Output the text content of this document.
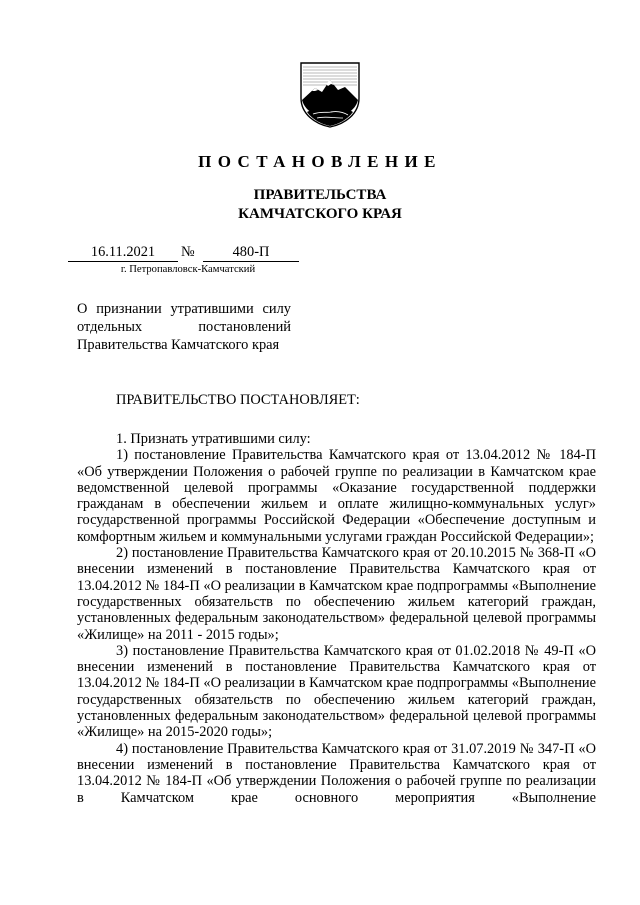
ПОСТАНОВЛЕНИЕ
ПРАВИТЕЛЬСТВА
КАМЧАТСКОГО КРАЯ
16.11.2021	№	480-П
г. Петропавловск-Камчатский
О признании утратившими силу
отдельных постановлений
Правительства Камчатского края

ПРАВИТЕЛЬСТВО ПОСТАНОВЛЯЕТ:

1. Признать утратившими силу:

1) постановление Правительства Камчатского края от 13.04.2012 № 184-П «Об утверждении Положения о рабочей группе по реализации в Камчатском крае ведомственной целевой программы «Оказание государственной поддержки гражданам в обеспечении жильем и оплате жилищно-коммунальных услуг» государственной программы Российской Федерации «Обеспечение доступным и комфортным жильем и коммунальными услугами граждан Российской Федерации»;

2) постановление Правительства Камчатского края от 20.10.2015 № 368-П «О внесении изменений в постановление Правительства Камчатского края от 13.04.2012 № 184-П «О реализации в Камчатском крае подпрограммы «Выполнение государственных обязательств по обеспечению жильем категорий граждан, установленных федеральным законодательством» федеральной целевой программы «Жилище» на 2011 - 2015 годы»;

3) постановление Правительства Камчатского края от 01.02.2018 № 49-П «О внесении изменений в постановление Правительства Камчатского края от 13.04.2012 № 184-П «О реализации в Камчатском крае подпрограммы «Выполнение государственных обязательств по обеспечению жильем категорий граждан, установленных федеральным законодательством» федеральной целевой программы «Жилище» на 2015-2020 годы»;

4) постановление Правительства Камчатского края от 31.07.2019 № 347-П «О внесении изменений в постановление Правительства Камчатского края от 13.04.2012 № 184-П «Об утверждении Положения о рабочей группе по реализации в Камчатском крае основного мероприятия «Выполнение
